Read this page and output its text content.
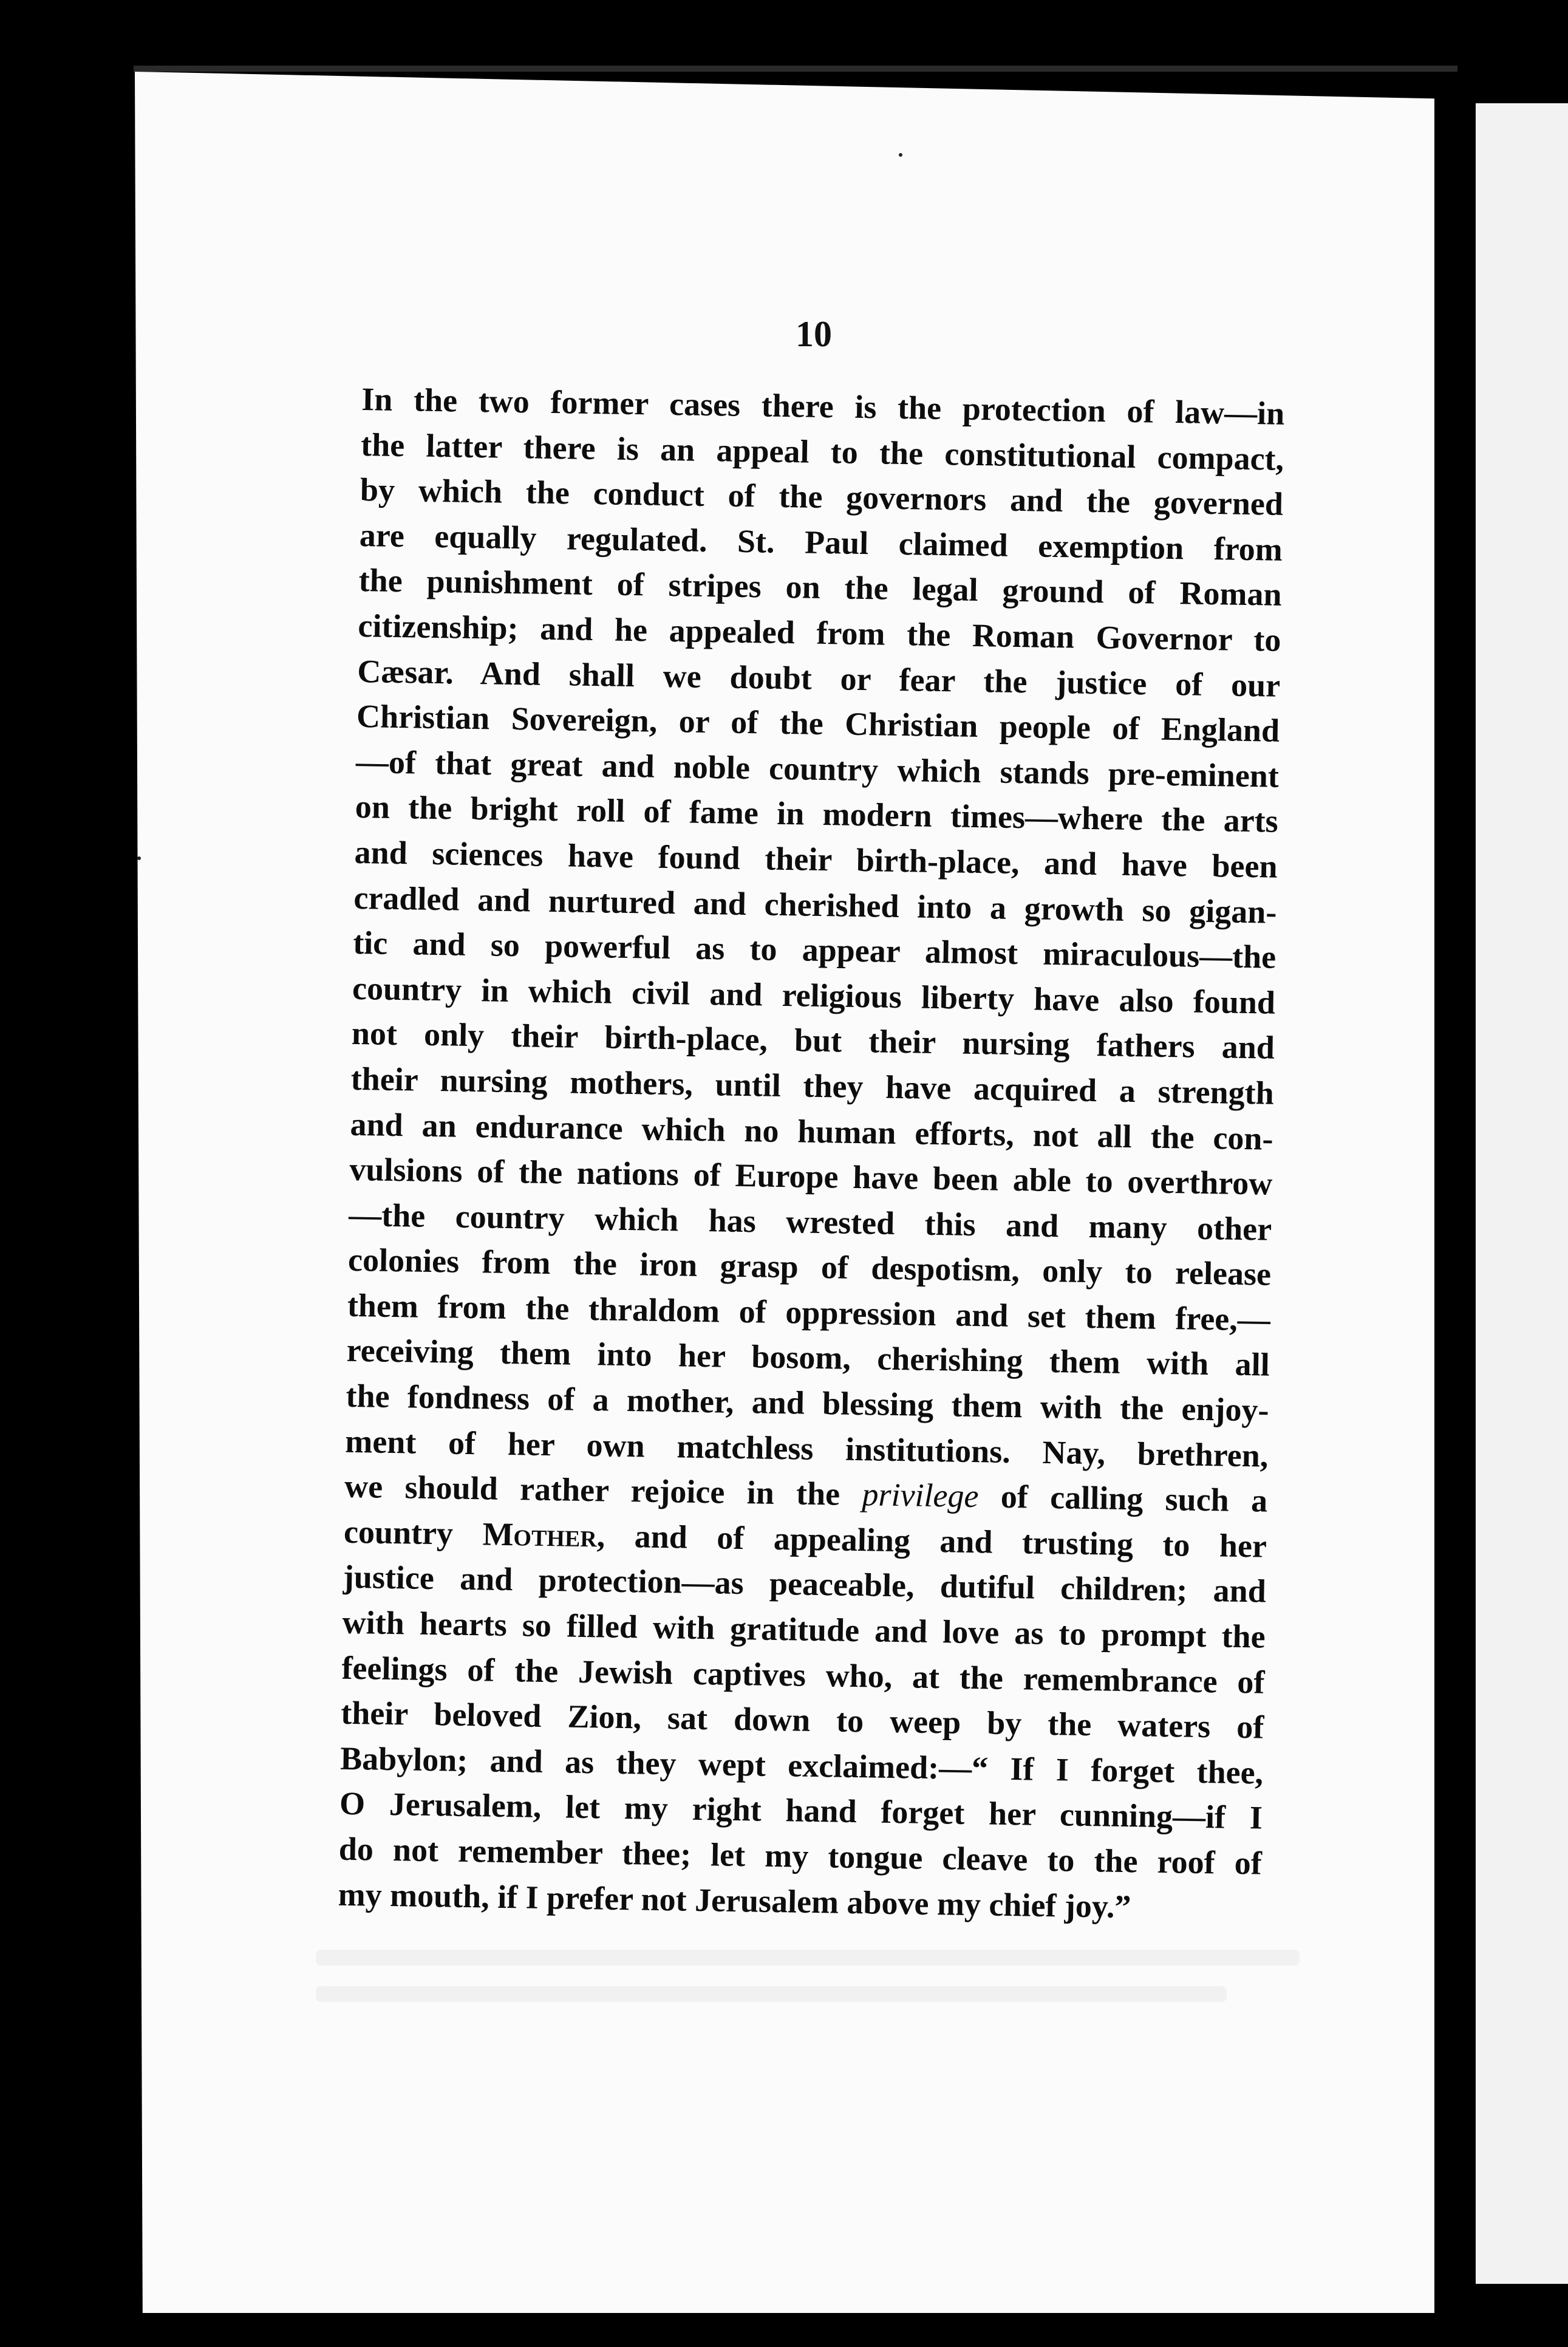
10
In the two former cases there is the protection of law—in
the latter there is an appeal to the constitutional compact,
by which the conduct of the governors and the governed
are equally regulated. St. Paul claimed exemption from
the punishment of stripes on the legal ground of Roman
citizenship; and he appealed from the Roman Governor to
Cæsar. And shall we doubt or fear the justice of our
Christian Sovereign, or of the Christian people of England
—of that great and noble country which stands pre-eminent
on the bright roll of fame in modern times—where the arts
and sciences have found their birth-place, and have been
cradled and nurtured and cherished into a growth so gigan-
tic and so powerful as to appear almost miraculous—the
country in which civil and religious liberty have also found
not only their birth-place, but their nursing fathers and
their nursing mothers, until they have acquired a strength
and an endurance which no human efforts, not all the con-
vulsions of the nations of Europe have been able to overthrow
—the country which has wrested this and many other
colonies from the iron grasp of despotism, only to release
them from the thraldom of oppression and set them free,—
receiving them into her bosom, cherishing them with all
the fondness of a mother, and blessing them with the enjoy-
ment of her own matchless institutions. Nay, brethren,
we should rather rejoice in the privilege of calling such a
country Mother, and of appealing and trusting to her
justice and protection—as peaceable, dutiful children; and
with hearts so filled with gratitude and love as to prompt the
feelings of the Jewish captives who, at the remembrance of
their beloved Zion, sat down to weep by the waters of
Babylon; and as they wept exclaimed:—“ If I forget thee,
O Jerusalem, let my right hand forget her cunning—if I
do not remember thee; let my tongue cleave to the roof of
my mouth, if I prefer not Jerusalem above my chief joy.”
